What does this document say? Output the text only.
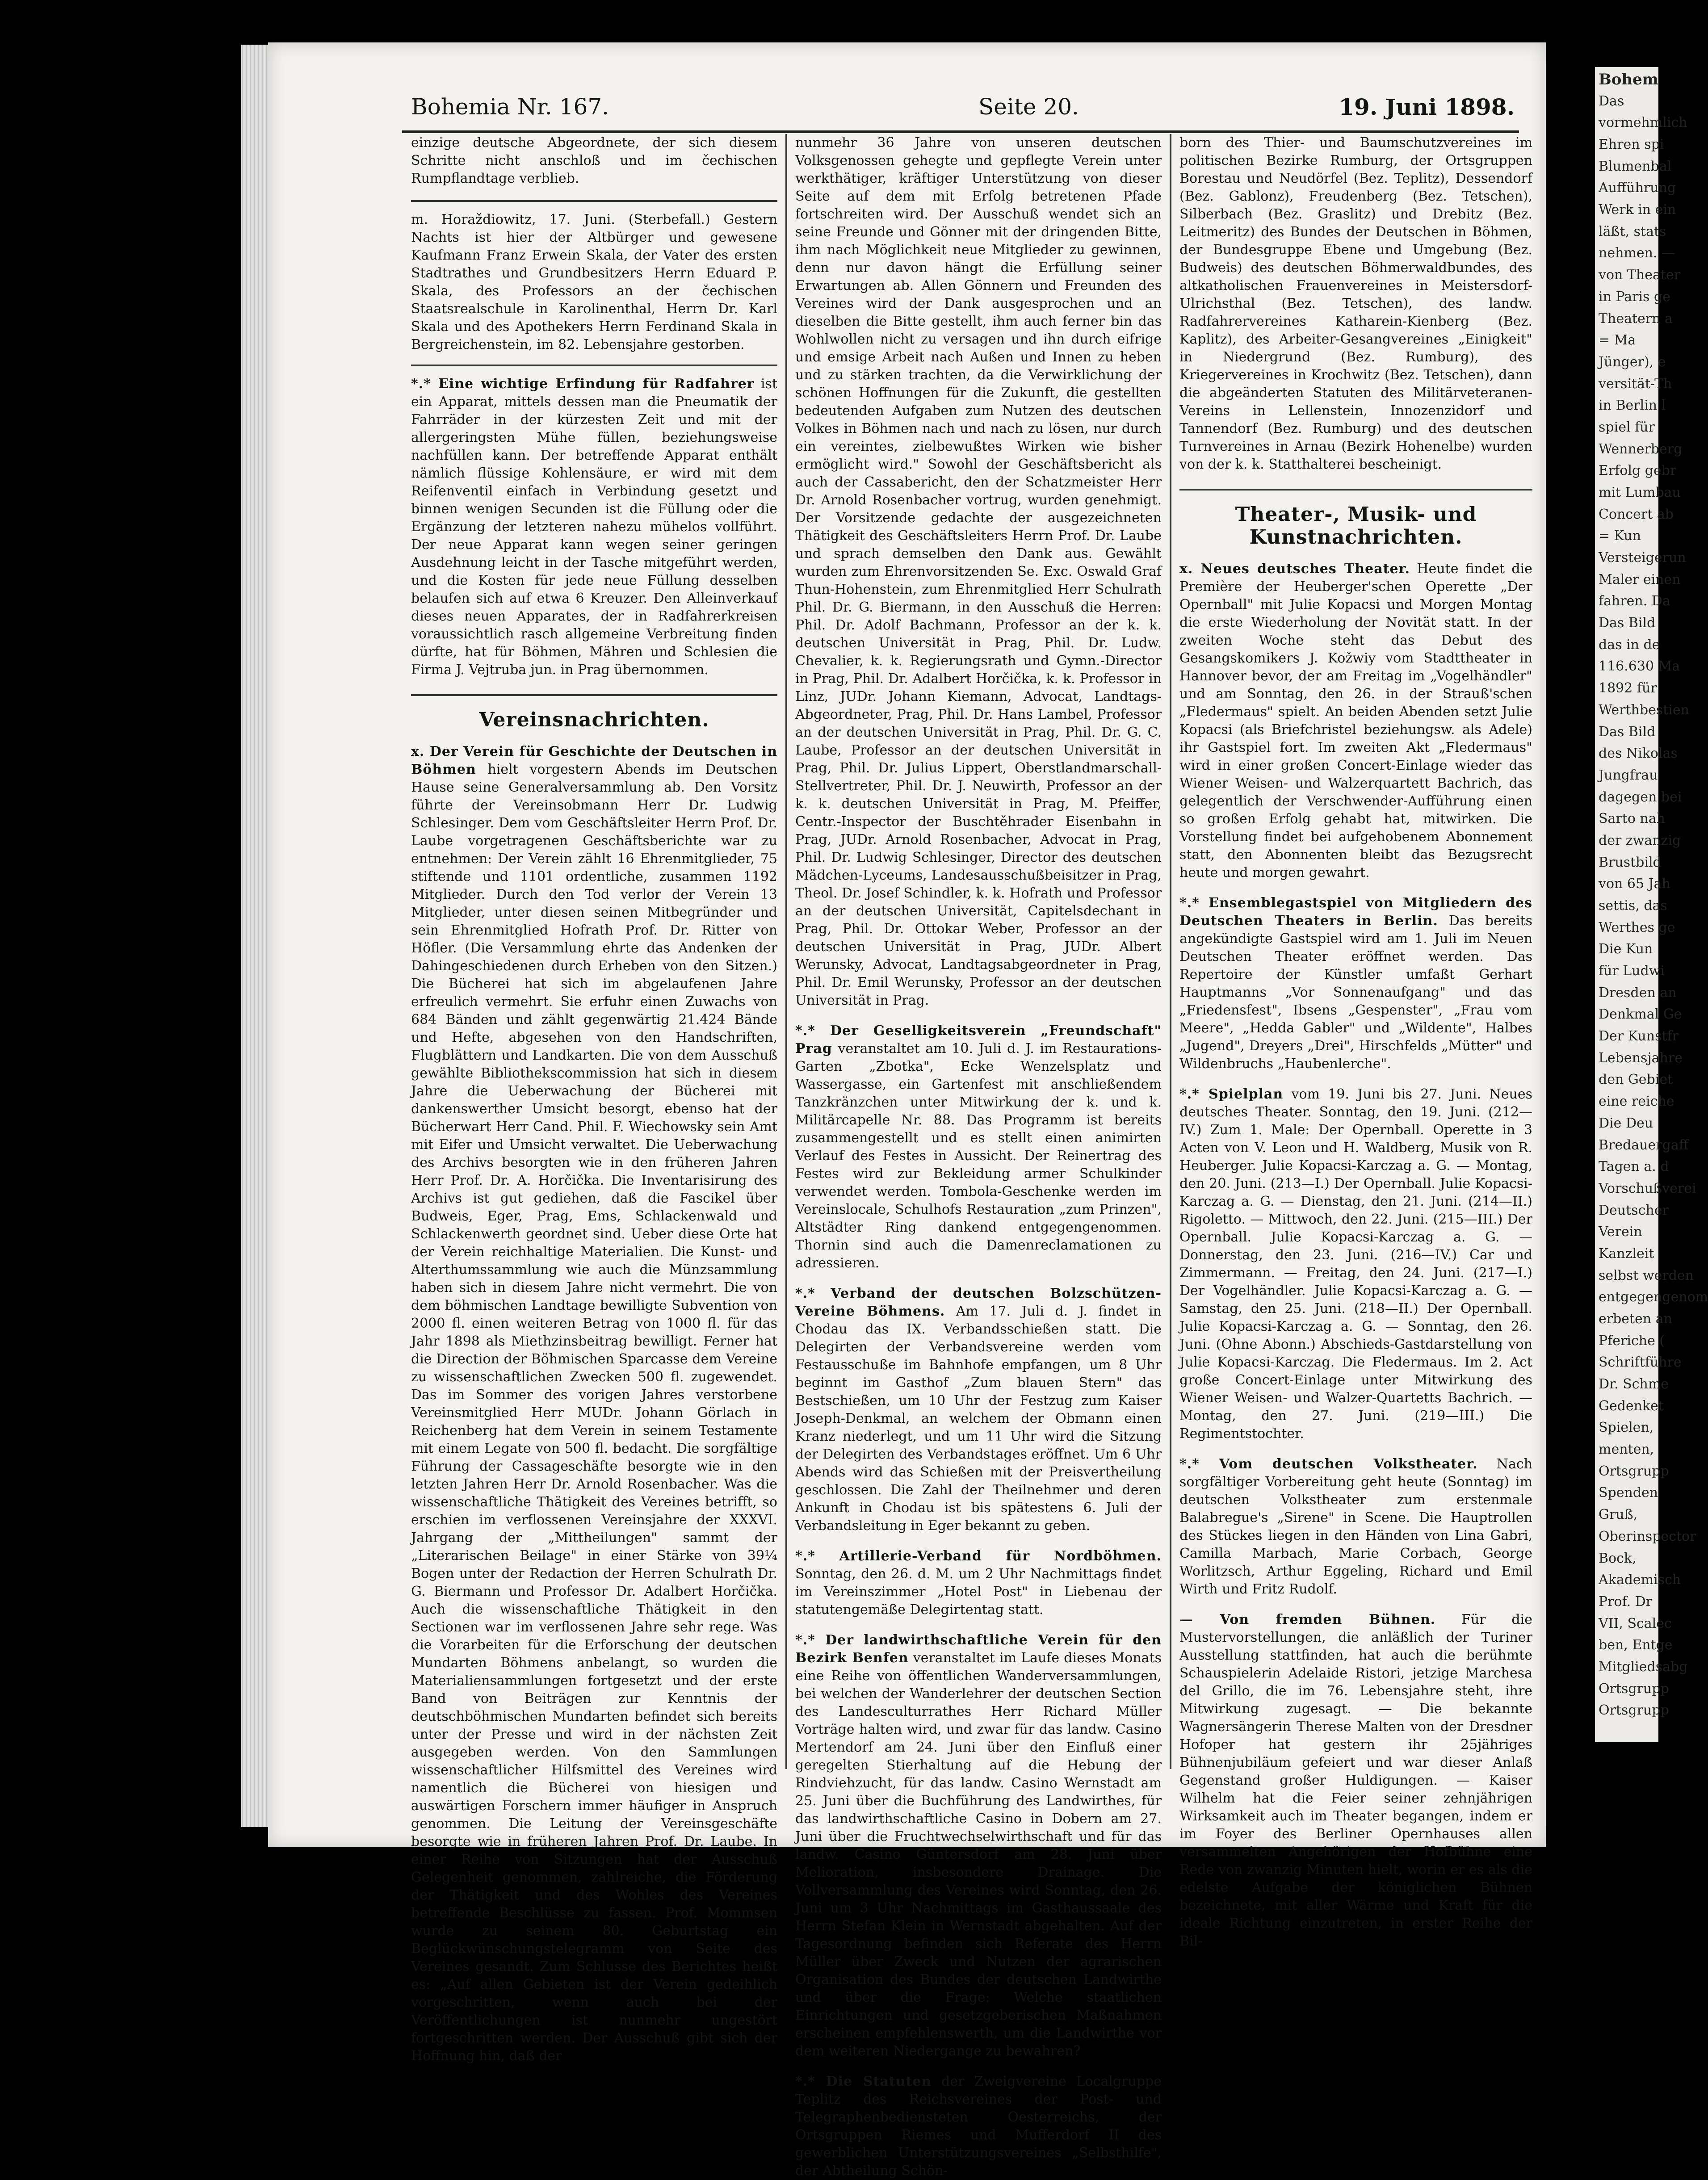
Bohemia Nr. 167.	Seite 20.	19. Juni 1898.

einzige deutsche Abgeordnete, der sich diesem Schritte nicht anschloß und im čechischen Rumpflandtage verblieb.

m. Horaždiowitz, 17. Juni. (Sterbefall.) Gestern Nachts ist hier der Altbürger und gewesene Kaufmann Franz Erwein Skala, der Vater des ersten Stadtrathes und Grundbesitzers Herrn Eduard P. Skala, des Professors an der čechischen Staatsrealschule in Karolinenthal, Herrn Dr. Karl Skala und des Apothekers Herrn Ferdinand Skala in Bergreichenstein, im 82. Lebensjahre gestorben.

*.* Eine wichtige Erfindung für Radfahrer ist ein Apparat, mittels dessen man die Pneumatik der Fahrräder in der kürzesten Zeit und mit der allergeringsten Mühe füllen, beziehungsweise nachfüllen kann. Der betreffende Apparat enthält nämlich flüssige Kohlensäure, er wird mit dem Reifenventil einfach in Verbindung gesetzt und binnen wenigen Secunden ist die Füllung oder die Ergänzung der letzteren nahezu mühelos vollführt. Der neue Apparat kann wegen seiner geringen Ausdehnung leicht in der Tasche mitgeführt werden, und die Kosten für jede neue Füllung desselben belaufen sich auf etwa 6 Kreuzer. Den Alleinverkauf dieses neuen Apparates, der in Radfahrerkreisen voraussichtlich rasch allgemeine Verbreitung finden dürfte, hat für Böhmen, Mähren und Schlesien die Firma J. Vejtruba jun. in Prag übernommen.

Vereinsnachrichten.

x. Der Verein für Geschichte der Deutschen in Böhmen hielt vorgestern Abends im Deutschen Hause seine Generalversammlung ab. Den Vorsitz führte der Vereinsobmann Herr Dr. Ludwig Schlesinger. Dem vom Geschäftsleiter Herrn Prof. Dr. Laube vorgetragenen Geschäftsberichte war zu entnehmen: Der Verein zählt 16 Ehrenmitglieder, 75 stiftende und 1101 ordentliche, zusammen 1192 Mitglieder. Durch den Tod verlor der Verein 13 Mitglieder, unter diesen seinen Mitbegründer und sein Ehrenmitglied Hofrath Prof. Dr. Ritter von Höfler. (Die Versammlung ehrte das Andenken der Dahingeschiedenen durch Erheben von den Sitzen.) Die Bücherei hat sich im abgelaufenen Jahre erfreulich vermehrt. Sie erfuhr einen Zuwachs von 684 Bänden und zählt gegenwärtig 21.424 Bände und Hefte, abgesehen von den Handschriften, Flugblättern und Landkarten. Die von dem Ausschuß gewählte Bibliothekscommission hat sich in diesem Jahre die Ueberwachung der Bücherei mit dankenswerther Umsicht besorgt, ebenso hat der Bücherwart Herr Cand. Phil. F. Wiechowsky sein Amt mit Eifer und Umsicht verwaltet. Die Ueberwachung des Archivs besorgten wie in den früheren Jahren Herr Prof. Dr. A. Horčička. Die Inventarisirung des Archivs ist gut gediehen, daß die Fascikel über Budweis, Eger, Prag, Ems, Schlackenwald und Schlackenwerth geordnet sind. Ueber diese Orte hat der Verein reichhaltige Materialien. Die Kunst- und Alterthumssammlung wie auch die Münzsammlung haben sich in diesem Jahre nicht vermehrt. Die von dem böhmischen Landtage bewilligte Subvention von 2000 fl. einen weiteren Betrag von 1000 fl. für das Jahr 1898 als Miethzinsbeitrag bewilligt. Ferner hat die Direction der Böhmischen Sparcasse dem Vereine zu wissenschaftlichen Zwecken 500 fl. zugewendet. Das im Sommer des vorigen Jahres verstorbene Vereinsmitglied Herr MUDr. Johann Görlach in Reichenberg hat dem Verein in seinem Testamente mit einem Legate von 500 fl. bedacht. Die sorgfältige Führung der Cassageschäfte besorgte wie in den letzten Jahren Herr Dr. Arnold Rosenbacher. Was die wissenschaftliche Thätigkeit des Vereines betrifft, so erschien im verflossenen Vereinsjahre der XXXVI. Jahrgang der „Mittheilungen" sammt der „Literarischen Beilage" in einer Stärke von 39¼ Bogen unter der Redaction der Herren Schulrath Dr. G. Biermann und Professor Dr. Adalbert Horčička. Auch die wissenschaftliche Thätigkeit in den Sectionen war im verflossenen Jahre sehr rege. Was die Vorarbeiten für die Erforschung der deutschen Mundarten Böhmens anbelangt, so wurden die Materialiensammlungen fortgesetzt und der erste Band von Beiträgen zur Kenntnis der deutschböhmischen Mundarten befindet sich bereits unter der Presse und wird in der nächsten Zeit ausgegeben werden. Von den Sammlungen wissenschaftlicher Hilfsmittel des Vereines wird namentlich die Bücherei von hiesigen und auswärtigen Forschern immer häufiger in Anspruch genommen. Die Leitung der Vereinsgeschäfte besorgte wie in früheren Jahren Prof. Dr. Laube. In einer Reihe von Sitzungen hat der Ausschuß Gelegenheit genommen, zahlreiche, die Förderung der Thätigkeit und des Wohles des Vereines betreffende Beschlüsse zu fassen. Prof. Mommsen wurde zu seinem 80. Geburtstag ein Beglückwünschungstelegramm von Seite des Vereines gesandt. Zum Schlusse des Berichtes heißt es: „Auf allen Gebieten ist der Verein gedeihlich vorgeschritten, wenn auch bei der Veröffentlichungen ist nunmehr ungestört fortgeschritten werden. Der Ausschuß gibt sich der Hoffnung hin, daß der

nunmehr 36 Jahre von unseren deutschen Volksgenossen gehegte und gepflegte Verein unter werkthätiger, kräftiger Unterstützung von dieser Seite auf dem mit Erfolg betretenen Pfade fortschreiten wird. Der Ausschuß wendet sich an seine Freunde und Gönner mit der dringenden Bitte, ihm nach Möglichkeit neue Mitglieder zu gewinnen, denn nur davon hängt die Erfüllung seiner Erwartungen ab. Allen Gönnern und Freunden des Vereines wird der Dank ausgesprochen und an dieselben die Bitte gestellt, ihm auch ferner bin das Wohlwollen nicht zu versagen und ihn durch eifrige und emsige Arbeit nach Außen und Innen zu heben und zu stärken trachten, da die Verwirklichung der schönen Hoffnungen für die Zukunft, die gestellten bedeutenden Aufgaben zum Nutzen des deutschen Volkes in Böhmen nach und nach zu lösen, nur durch ein vereintes, zielbewußtes Wirken wie bisher ermöglicht wird." Sowohl der Geschäftsbericht als auch der Cassabericht, den der Schatzmeister Herr Dr. Arnold Rosenbacher vortrug, wurden genehmigt. Der Vorsitzende gedachte der ausgezeichneten Thätigkeit des Geschäftsleiters Herrn Prof. Dr. Laube und sprach demselben den Dank aus. Gewählt wurden zum Ehrenvorsitzenden Se. Exc. Oswald Graf Thun-Hohenstein, zum Ehrenmitglied Herr Schulrath Phil. Dr. G. Biermann, in den Ausschuß die Herren: Phil. Dr. Adolf Bachmann, Professor an der k. k. deutschen Universität in Prag, Phil. Dr. Ludw. Chevalier, k. k. Regierungsrath und Gymn.-Director in Prag, Phil. Dr. Adalbert Horčička, k. k. Professor in Linz, JUDr. Johann Kiemann, Advocat, Landtags-Abgeordneter, Prag, Phil. Dr. Hans Lambel, Professor an der deutschen Universität in Prag, Phil. Dr. G. C. Laube, Professor an der deutschen Universität in Prag, Phil. Dr. Julius Lippert, Oberstlandmarschall-Stellvertreter, Phil. Dr. J. Neuwirth, Professor an der k. k. deutschen Universität in Prag, M. Pfeiffer, Centr.-Inspector der Buschtěhrader Eisenbahn in Prag, JUDr. Arnold Rosenbacher, Advocat in Prag, Phil. Dr. Ludwig Schlesinger, Director des deutschen Mädchen-Lyceums, Landesausschußbeisitzer in Prag, Theol. Dr. Josef Schindler, k. k. Hofrath und Professor an der deutschen Universität, Capitelsdechant in Prag, Phil. Dr. Ottokar Weber, Professor an der deutschen Universität in Prag, JUDr. Albert Werunsky, Advocat, Landtagsabgeordneter in Prag, Phil. Dr. Emil Werunsky, Professor an der deutschen Universität in Prag.

*.* Der Geselligkeitsverein „Freundschaft" Prag veranstaltet am 10. Juli d. J. im Restaurations-Garten „Zbotka", Ecke Wenzelsplatz und Wassergasse, ein Gartenfest mit anschließendem Tanzkränzchen unter Mitwirkung der k. und k. Militärcapelle Nr. 88. Das Programm ist bereits zusammengestellt und es stellt einen animirten Verlauf des Festes in Aussicht. Der Reinertrag des Festes wird zur Bekleidung armer Schulkinder verwendet werden. Tombola-Geschenke werden im Vereinslocale, Schulhofs Restauration „zum Prinzen", Altstädter Ring dankend entgegengenommen. Thornin sind auch die Damenreclamationen zu adressieren.

*.* Verband der deutschen Bolzschützen-Vereine Böhmens. Am 17. Juli d. J. findet in Chodau das IX. Verbandsschießen statt. Die Delegirten der Verbandsvereine werden vom Festausschuße im Bahnhofe empfangen, um 8 Uhr beginnt im Gasthof „Zum blauen Stern" das Bestschießen, um 10 Uhr der Festzug zum Kaiser Joseph-Denkmal, an welchem der Obmann einen Kranz niederlegt, und um 11 Uhr wird die Sitzung der Delegirten des Verbandstages eröffnet. Um 6 Uhr Abends wird das Schießen mit der Preisvertheilung geschlossen. Die Zahl der Theilnehmer und deren Ankunft in Chodau ist bis spätestens 6. Juli der Verbandsleitung in Eger bekannt zu geben.

*.* Artillerie-Verband für Nordböhmen. Sonntag, den 26. d. M. um 2 Uhr Nachmittags findet im Vereinszimmer „Hotel Post" in Liebenau der statutengemäße Delegirtentag statt.

*.* Der landwirthschaftliche Verein für den Bezirk Benfen veranstaltet im Laufe dieses Monats eine Reihe von öffentlichen Wanderversammlungen, bei welchen der Wanderlehrer der deutschen Section des Landesculturrathes Herr Richard Müller Vorträge halten wird, und zwar für das landw. Casino Mertendorf am 24. Juni über den Einfluß einer geregelten Stierhaltung auf die Hebung der Rindviehzucht, für das landw. Casino Wernstadt am 25. Juni über die Buchführung des Landwirthes, für das landwirthschaftliche Casino in Dobern am 27. Juni über die Fruchtwechselwirthschaft und für das landw. Casino Güntersdorf am 28. Juni über Melioration, insbesondere Drainage. Die Vollversammlung des Vereines wird Sonntag, den 26. Juni um 3 Uhr Nachmittags im Gasthaussaale des Herrn Stefan Klein in Wernstadt abgehalten. Auf der Tagesordnung befinden sich Referate des Herrn Müller über Zweck und Nutzen der agrarischen Organisation des Bundes der deutschen Landwirthe und über die Frage: Welche staatlichen Einrichtungen und gesetzgeberischen Maßnahmen erscheinen empfehlenswerth, um die Landwirthe vor dem weiteren Niedergange zu bewahren?

*.* Die Statuten der Zweigvereine Localgruppe Teplitz des Reichsvereines der Post- und Telegraphenbediensteten Oesterreichs, der Ortsgruppen Riemes und Mufferdorf II des gewerblichen Unterstützungsvereines „Selbsthilfe", der Abtheilung Schön-

born des Thier- und Baumschutzvereines im politischen Bezirke Rumburg, der Ortsgruppen Borestau und Neudörfel (Bez. Teplitz), Dessendorf (Bez. Gablonz), Freudenberg (Bez. Tetschen), Silberbach (Bez. Graslitz) und Drebitz (Bez. Leitmeritz) des Bundes der Deutschen in Böhmen, der Bundesgruppe Ebene und Umgebung (Bez. Budweis) des deutschen Böhmerwaldbundes, des altkatholischen Frauenvereines in Meistersdorf-Ulrichsthal (Bez. Tetschen), des landw. Radfahrervereines Katharein-Kienberg (Bez. Kaplitz), des Arbeiter-Gesangvereines „Einigkeit" in Niedergrund (Bez. Rumburg), des Kriegervereines in Krochwitz (Bez. Tetschen), dann die abgeänderten Statuten des Militärveteranen-Vereins in Lellenstein, Innozenzidorf und Tannendorf (Bez. Rumburg) und des deutschen Turnvereines in Arnau (Bezirk Hohenelbe) wurden von der k. k. Statthalterei bescheinigt.

Theater-, Musik- und Kunstnachrichten.

x. Neues deutsches Theater. Heute findet die Première der Heuberger'schen Operette „Der Opernball" mit Julie Kopacsi und Morgen Montag die erste Wiederholung der Novität statt. In der zweiten Woche steht das Debut des Gesangskomikers J. Kožwiy vom Stadttheater in Hannover bevor, der am Freitag im „Vogelhändler" und am Sonntag, den 26. in der Strauß'schen „Fledermaus" spielt. An beiden Abenden setzt Julie Kopacsi (als Briefchristel beziehungsw. als Adele) ihr Gastspiel fort. Im zweiten Akt „Fledermaus" wird in einer großen Concert-Einlage wieder das Wiener Weisen- und Walzerquartett Bachrich, das gelegentlich der Verschwender-Aufführung einen so großen Erfolg gehabt hat, mitwirken. Die Vorstellung findet bei aufgehobenem Abonnement statt, den Abonnenten bleibt das Bezugsrecht heute und morgen gewahrt.

*.* Ensemblegastspiel von Mitgliedern des Deutschen Theaters in Berlin. Das bereits angekündigte Gastspiel wird am 1. Juli im Neuen Deutschen Theater eröffnet werden. Das Repertoire der Künstler umfaßt Gerhart Hauptmanns „Vor Sonnenaufgang" und das „Friedensfest", Ibsens „Gespenster", „Frau vom Meere", „Hedda Gabler" und „Wildente", Halbes „Jugend", Dreyers „Drei", Hirschfelds „Mütter" und Wildenbruchs „Haubenlerche".

*.* Spielplan vom 19. Juni bis 27. Juni. Neues deutsches Theater. Sonntag, den 19. Juni. (212—IV.) Zum 1. Male: Der Opernball. Operette in 3 Acten von V. Leon und H. Waldberg, Musik von R. Heuberger. Julie Kopacsi-Karczag a. G. — Montag, den 20. Juni. (213—I.) Der Opernball. Julie Kopacsi-Karczag a. G. — Dienstag, den 21. Juni. (214—II.) Rigoletto. — Mittwoch, den 22. Juni. (215—III.) Der Opernball. Julie Kopacsi-Karczag a. G. — Donnerstag, den 23. Juni. (216—IV.) Car und Zimmermann. — Freitag, den 24. Juni. (217—I.) Der Vogelhändler. Julie Kopacsi-Karczag a. G. — Samstag, den 25. Juni. (218—II.) Der Opernball. Julie Kopacsi-Karczag a. G. — Sonntag, den 26. Juni. (Ohne Abonn.) Abschieds-Gastdarstellung von Julie Kopacsi-Karczag. Die Fledermaus. Im 2. Act große Concert-Einlage unter Mitwirkung des Wiener Weisen- und Walzer-Quartetts Bachrich. — Montag, den 27. Juni. (219—III.) Die Regimentstochter.

*.* Vom deutschen Volkstheater. Nach sorgfältiger Vorbereitung geht heute (Sonntag) im deutschen Volkstheater zum erstenmale Balabregue's „Sirene" in Scene. Die Hauptrollen des Stückes liegen in den Händen von Lina Gabri, Camilla Marbach, Marie Corbach, George Worlitzsch, Arthur Eggeling, Richard und Emil Wirth und Fritz Rudolf.

— Von fremden Bühnen. Für die Mustervorstellungen, die anläßlich der Turiner Ausstellung stattfinden, hat auch die berühmte Schauspielerin Adelaide Ristori, jetzige Marchesa del Grillo, die im 76. Lebensjahre steht, ihre Mitwirkung zugesagt. — Die bekannte Wagnersängerin Therese Malten von der Dresdner Hofoper hat gestern ihr 25jähriges Bühnenjubiläum gefeiert und war dieser Anlaß Gegenstand großer Huldigungen. — Kaiser Wilhelm hat die Feier seiner zehnjährigen Wirksamkeit auch im Theater begangen, indem er im Foyer des Berliner Opernhauses allen versammelten Angehörigen der Hofbühne eine Rede von zwanzig Minuten hielt, worin er es als die edelste Aufgabe der königlichen Bühnen bezeichnete, mit aller Wärme und Kraft für die ideale Richtung einzutreten, in erster Reihe der Bil-

Bohem
Das
vormehmlich
Ehren spi
Blumenbal
Aufführung
Werk in ein
läßt, stats
nehmen. —
von Theater
in Paris ge
Theatern a
= Ma
Jünger), e
versität-Th
in Berlin l
spiel für
Wennerberg
Erfolg gebr
mit Lumbau
Concert ab
= Kun
Versteigerun
Maler einen
fahren. Da
Das Bild
das in de
116.630 Ma
1892 für
Werthbestien
Das Bild
des Nikolas
Jungfrau
dagegen bei
Sarto nah
der zwanzig
Brustbild
von 65 Jah
settis, das
Werthes ge
Die Kun
für Ludwi
Dresden an
Denkmal Ge
Der Kunstfr
Lebensjahre
den Gebiet
eine reiche
Die Deu
Bredauergaff
Tagen a. d
Vorschußverei
Deutscher
Verein
Kanzleit
selbst werden
entgegengenom
erbeten an
Pferiche (
Schriftführe
Dr. Schme
Gedenket
Spielen,
menten,
Ortsgrupp
Spenden
Gruß,
Oberinspector
Bock,
Akademisch
Prof. Dr
VII, Scalec
ben, Entge
Mitgliedsabg
Ortsgrupp
Ortsgrupp
